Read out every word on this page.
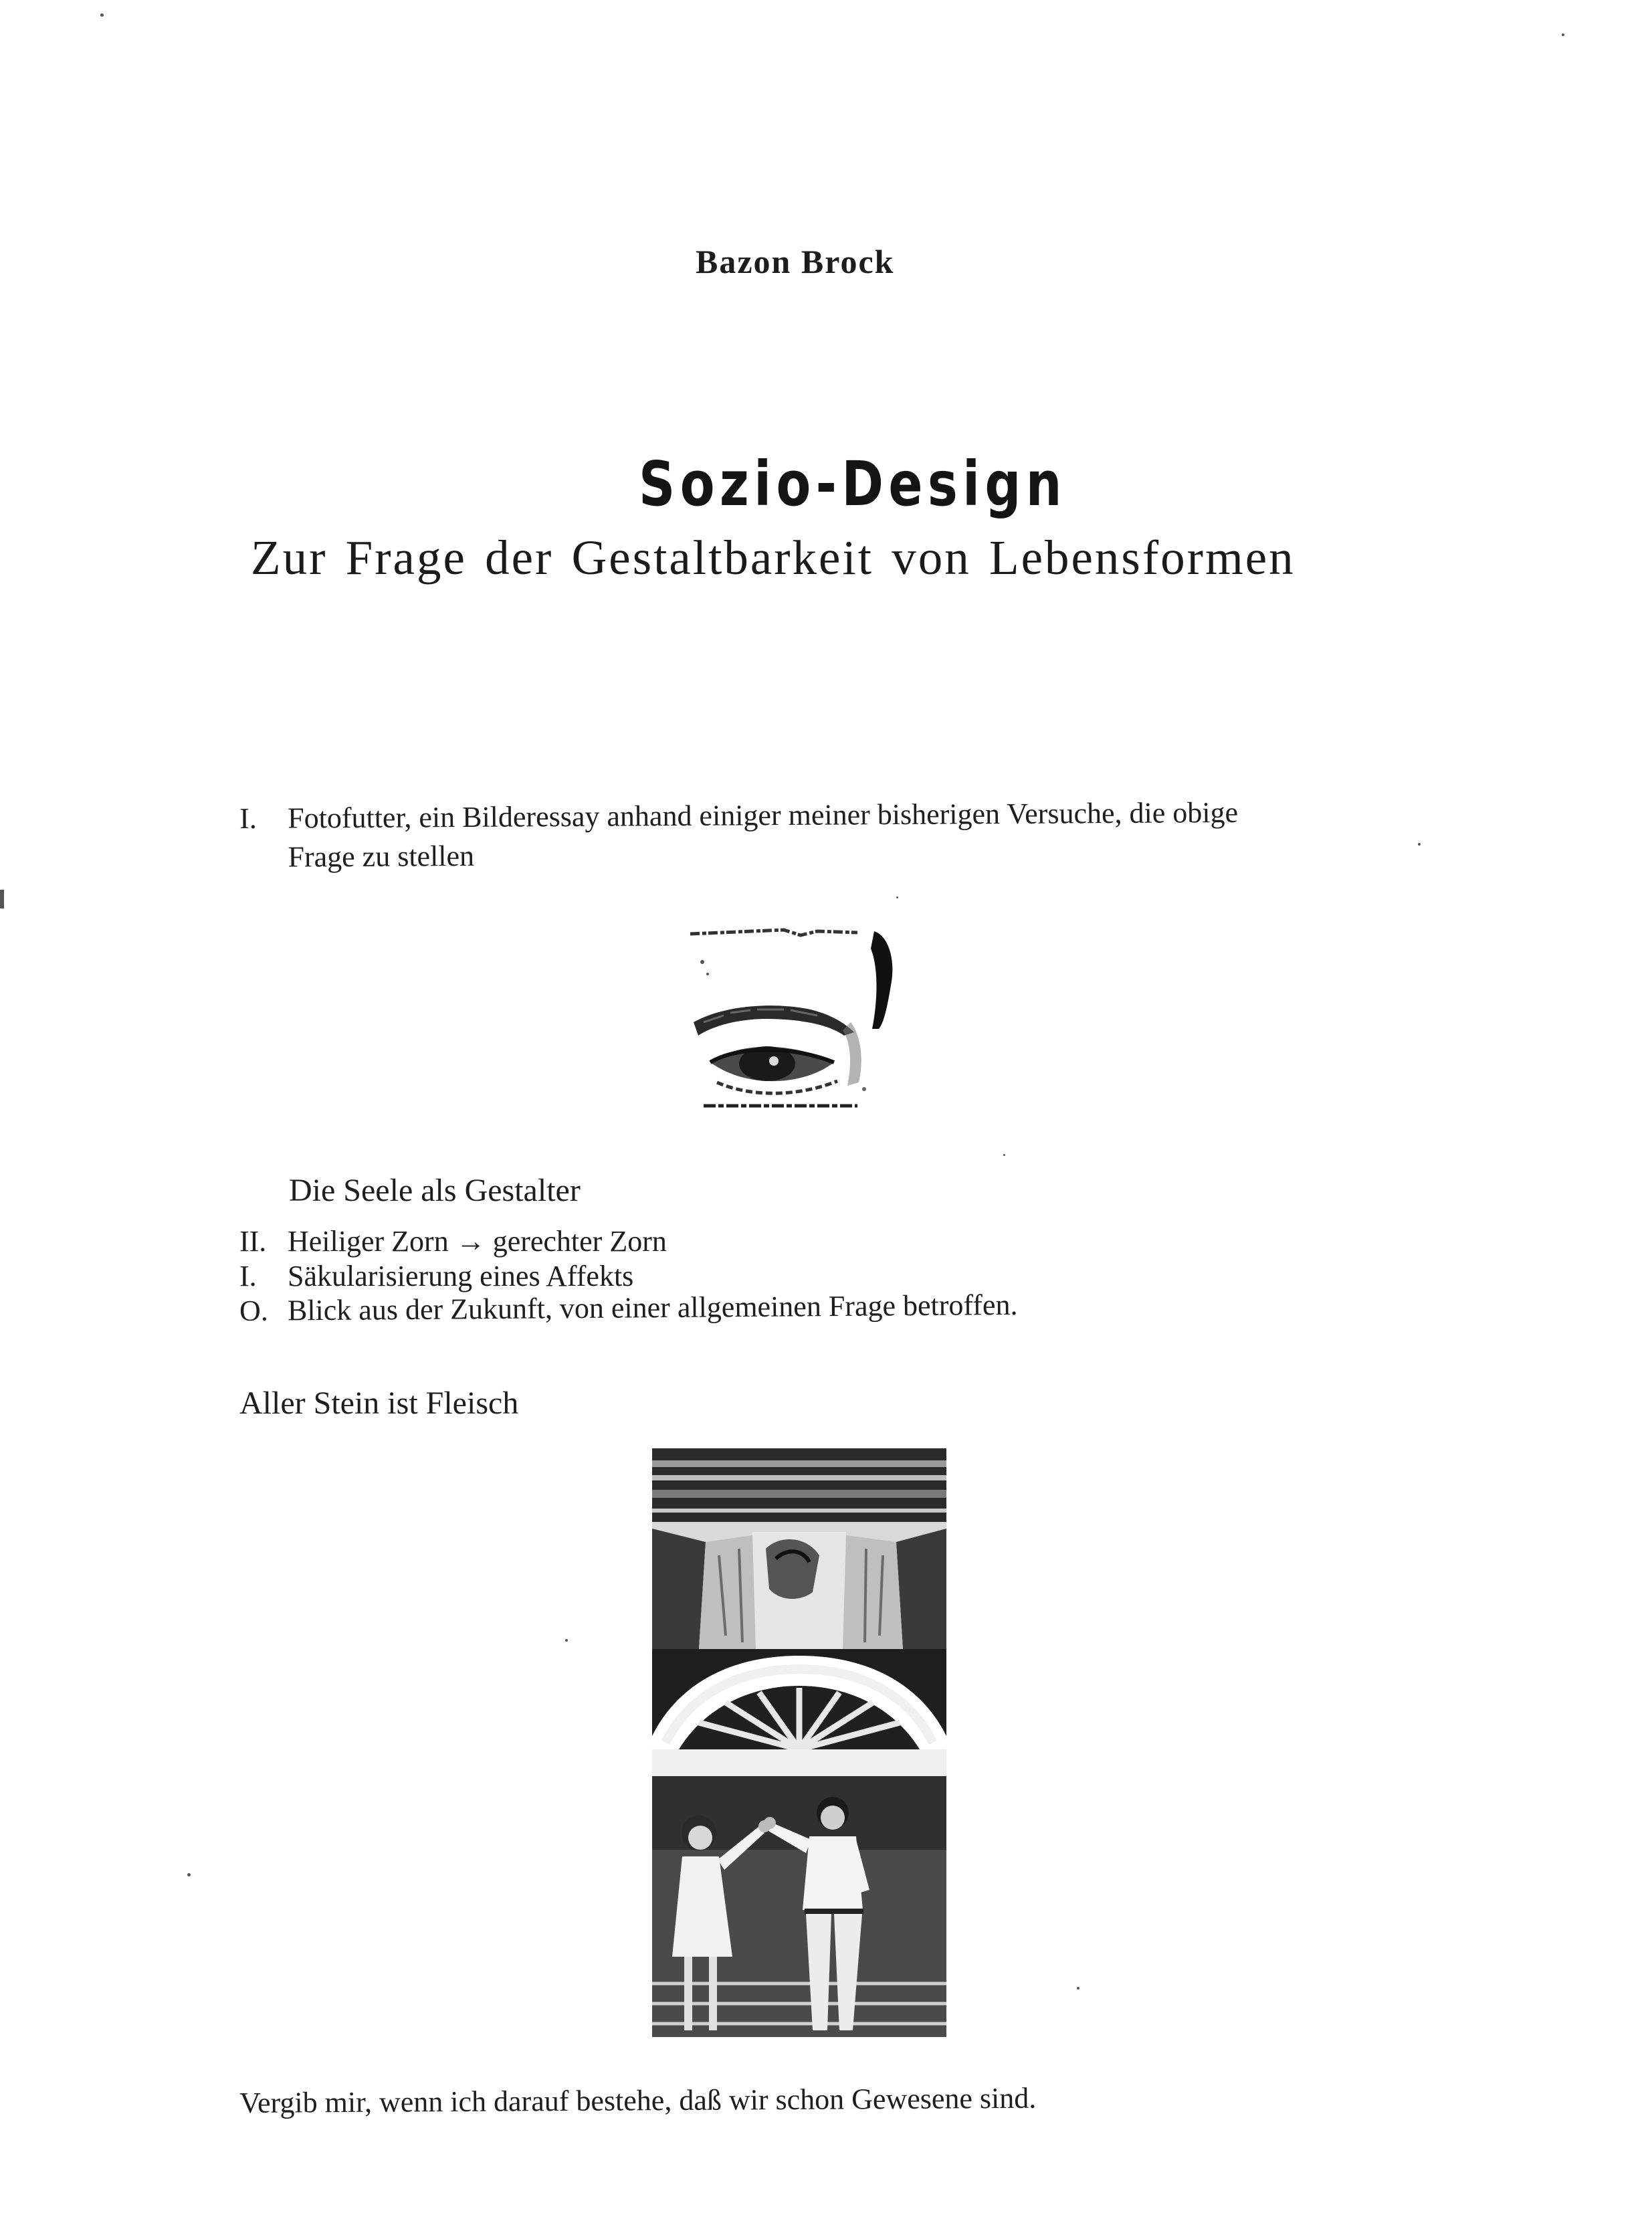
Bazon Brock
Sozio-Design
Zur Frage der Gestaltbarkeit von Lebensformen
I. Fotofutter, ein Bilderessay anhand einiger meiner bisherigen Versuche, die obige
Frage zu stellen
Die Seele als Gestalter
II. Heiliger Zorn → gerechter Zorn
I. Säkularisierung eines Affekts
O. Blick aus der Zukunft, von einer allgemeinen Frage betroffen.
Aller Stein ist Fleisch
Vergib mir, wenn ich darauf bestehe, daß wir schon Gewesene sind.
